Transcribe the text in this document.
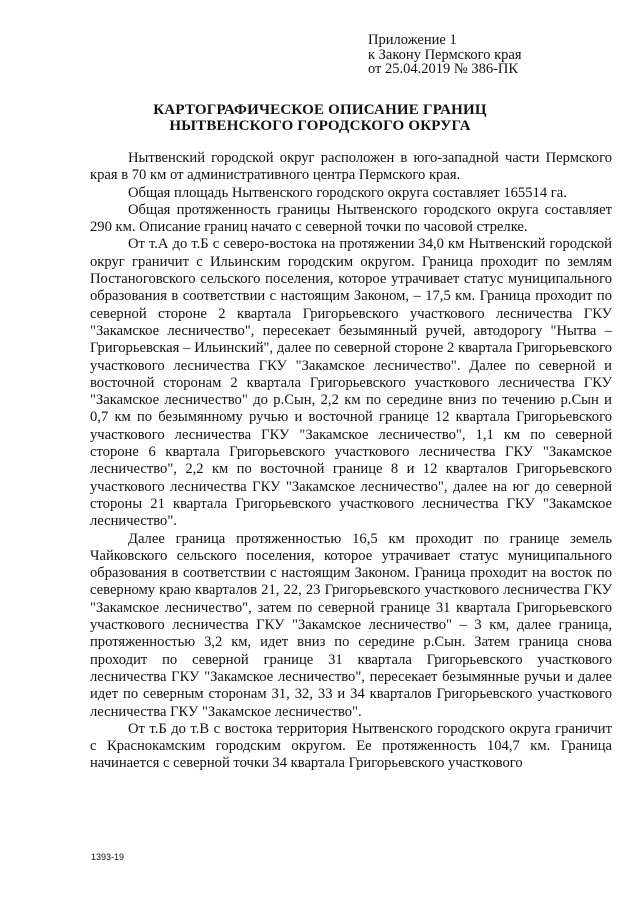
Приложение 1
к Закону Пермского края
от 25.04.2019 № 386-ПК
КАРТОГРАФИЧЕСКОЕ ОПИСАНИЕ ГРАНИЦ
НЫТВЕНСКОГО ГОРОДСКОГО ОКРУГА

Нытвенский городской округ расположен в юго-западной части Пермского края в 70 км от административного центра Пермского края.

Общая площадь Нытвенского городского округа составляет 165514 га.

Общая протяженность границы Нытвенского городского округа составляет 290 км. Описание границ начато с северной точки по часовой стрелке.

От т.А до т.Б с северо-востока на протяжении 34,0 км Нытвенский городской округ граничит с Ильинским городским округом. Граница проходит по землям Постаноговского сельского поселения, которое утрачивает статус муниципального образования в соответствии с настоящим Законом, – 17,5 км. Граница проходит по северной стороне 2 квартала Григорьевского участкового лесничества ГКУ "Закамское лесничество", пересекает безымянный ручей, автодорогу "Нытва – Григорьевская – Ильинский", далее по северной стороне 2 квартала Григорьевского участкового лесничества ГКУ "Закамское лесничество". Далее по северной и восточной сторонам 2 квартала Григорьевского участкового лесничества ГКУ "Закамское лесничество" до р.Сын, 2,2 км по середине вниз по течению р.Сын и 0,7 км по безымянному ручью и восточной границе 12 квартала Григорьевского участкового лесничества ГКУ "Закамское лесничество", 1,1 км по северной стороне 6 квартала Григорьевского участкового лесничества ГКУ "Закамское лесничество", 2,2 км по восточной границе 8 и 12 кварталов Григорьевского участкового лесничества ГКУ "Закамское лесничество", далее на юг до северной стороны 21 квартала Григорьевского участкового лесничества ГКУ "Закамское лесничество".

Далее граница протяженностью 16,5 км проходит по границе земель Чайковского сельского поселения, которое утрачивает статус муниципального образования в соответствии с настоящим Законом. Граница проходит на восток по северному краю кварталов 21, 22, 23 Григорьевского участкового лесничества ГКУ "Закамское лесничество", затем по северной границе 31 квартала Григорьевского участкового лесничества ГКУ "Закамское лесничество" – 3 км, далее граница, протяженностью 3,2 км, идет вниз по середине р.Сын. Затем граница снова проходит по северной границе 31 квартала Григорьевского участкового лесничества ГКУ "Закамское лесничество", пересекает безымянные ручьи и далее идет по северным сторонам 31, 32, 33 и 34 кварталов Григорьевского участкового лесничества ГКУ "Закамское лесничество".

От т.Б до т.В с востока территория Нытвенского городского округа граничит с Краснокамским городским округом. Ее протяженность 104,7 км. Граница начинается с северной точки 34 квартала Григорьевского участкового

1393-19
